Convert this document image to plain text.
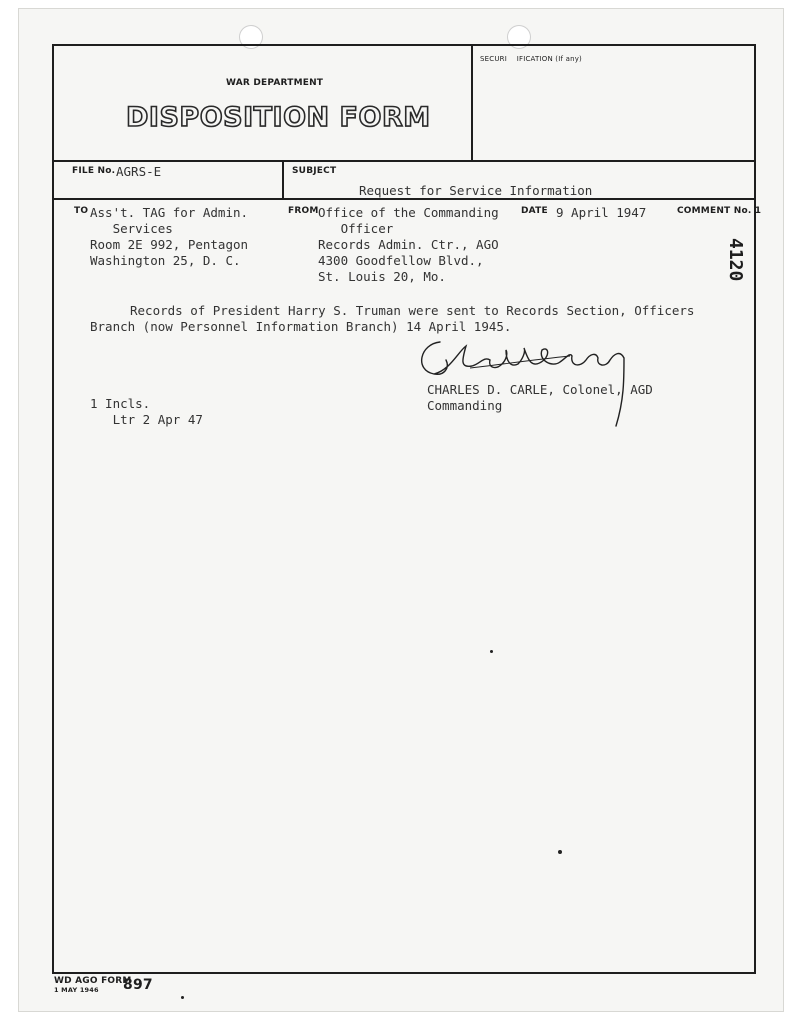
WAR DEPARTMENT
DISPOSITION FORM
SECURI    IFICATION (If any)
FILE No. AGRS-E	SUBJECT
Request for Service Information
TO Ass't. TAG for Admin.
Services
Room 2E 992, Pentagon
Washington 25, D. C.
FROM Office of the Commanding
Officer
Records Admin. Ctr., AGO
4300 Goodfellow Blvd.,
St. Louis 20, Mo.
DATE 9 April 1947	COMMENT No. 1
Records of President Harry S. Truman were sent to Records Section, Officers
Branch (now Personnel Information Branch) 14 April 1945.
CHARLES D. CARLE, Colonel, AGD
Commanding
1 Incls.
Ltr 2 Apr 47
4120
WD AGO FORM
897
1 MAY 1946
